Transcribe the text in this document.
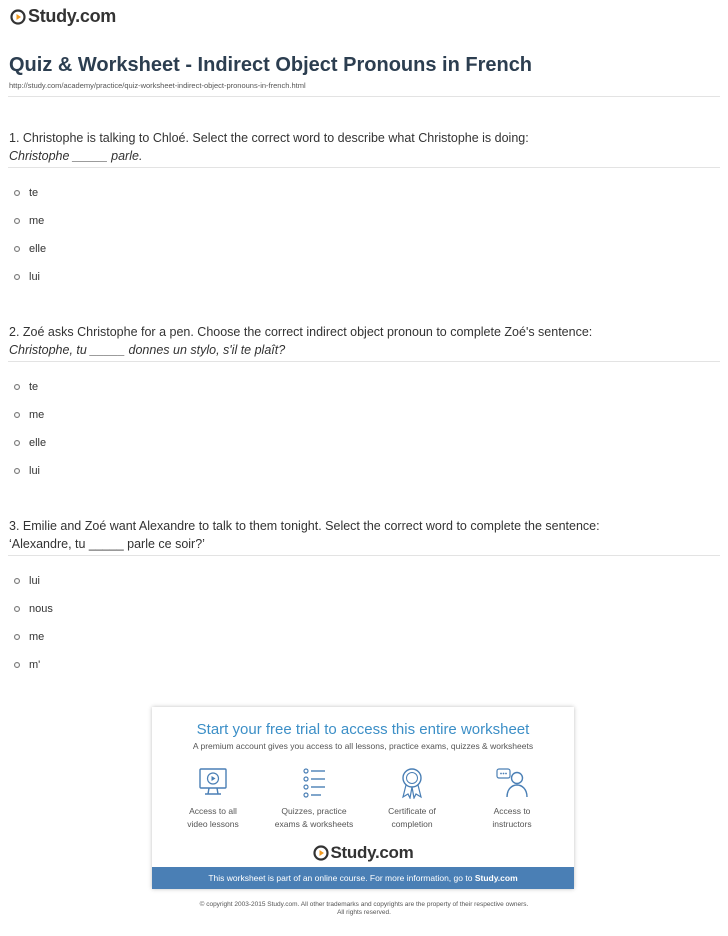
Study.com
Quiz & Worksheet - Indirect Object Pronouns in French
http://study.com/academy/practice/quiz-worksheet-indirect-object-pronouns-in-french.html
1. Christophe is talking to Chloé. Select the correct word to describe what Christophe is doing:
Christophe _____ parle.
te
me
elle
lui
2. Zoé asks Christophe for a pen. Choose the correct indirect object pronoun to complete Zoé's sentence: Christophe, tu _____ donnes un stylo, s'il te plaît?
te
me
elle
lui
3. Emilie and Zoé want Alexandre to talk to them tonight. Select the correct word to complete the sentence: ‘Alexandre, tu _____ parle ce soir?’
lui
nous
me
m'
Start your free trial to access this entire worksheet
A premium account gives you access to all lessons, practice exams, quizzes & worksheets
Access to all
video lessons
Quizzes, practice
exams & worksheets
Certificate of
completion
Access to
instructors
Study.com
This worksheet is part of an online course. For more information, go to Study.com
© copyright 2003-2015 Study.com. All other trademarks and copyrights are the property of their respective owners.
All rights reserved.
